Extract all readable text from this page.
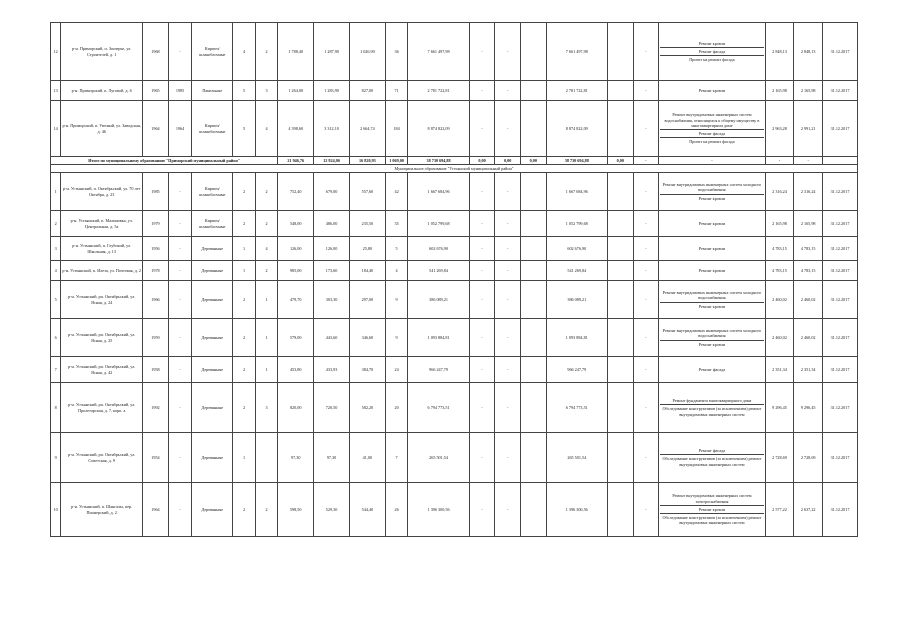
12	р-н. Приморский, п. Заозерье, ул. Строителей, д. 1	1968	-	Кирпич/ шлакоблочные	4	2	1 788,40	1 287,90	1 026,90	36	7 661 497,98	-	-		7 661 497,98		-	Ремонт кровли
Ремонт фасада
Проект на ремонт фасада	2 848,13	2 848,13	31.12.2017
13	р-н. Приморский, п. Луговой, д. 6	1965	1985	Панельные	5	3	1 264,00	1 283,90	827,00	71	2 781 722,81	-	-		2 781 722,81		-	Ремонт кровли	2 165,98	2 165,98	31.12.2017
14	р-н. Приморский, п. Уютный, ул. Заводская, д. 46	1964	1964	Кирпич/ шлакоблочные	5	4	4 398,60	3 312,10	2 664,74	184	8 874 822,09	-	-		8 874 822,09		-	Ремонт внутридомовых инженерных систем водоснабжения, относящихся к общему имуществу в многоквартирном доме
Ремонт фасада
Проект на ремонт фасада	2 963,28	2 991,21	31.12.2017
Итого по муниципальному образованию "Приморский муниципальный район"							21 946,76	12 924,06	16 820,93	1 069,00	38 730 694,88	0,00	0,00	0,00	38 730 694,88	0,00	-	-	-	-	
Муниципальное образование "Устьянский муниципальный район"																					
1	р-н. Устьянский, п. Октябрьский, ул. 70 лет Октября, д. 23	1985	-	Кирпич/ шлакоблочные	2	2	752,40	679,00	557,60	42	1 667 684,96	-	-		1 667 684,96		-	Ремонт внутридомовых инженерных систем холодного водоснабжения
Ремонт кровли	2 316,24	2 316,24	31.12.2017
2	р-н. Устьянский, п. Малиновка, ул. Центральная, д. 5а	1979	-	Кирпич/ шлакоблочные	2	2	548,00	486,00	235,50	35	1 052 799,68	-	-		1 052 799,68		-	Ремонт кровли	2 165,98	2 165,98	31.12.2017
3	р-н. Устьянский, п. Глубокий, ул. Школьная, д. 13	1956	-	Деревянные	1	4	126,00	126,00	25,80	5	602 676,90	-	-		602 676,90		-	Ремонт кровли	4 783,15	4 783,15	31.12.2017
4	р-н. Устьянский, п. Илеза, ул. Почтовая, д. 2	1978	-	Деревянные	1	2	985,00	173,60	184,40	4	541 269,84	-	-		541 269,84		-	Ремонт кровли	4 783,15	4 783,15	31.12.2017
5	р-н. Устьянский, рп. Октябрьский, ул. Ясная, д. 24	1966	-	Деревянные	2	1	479,70	303,30	297,00	9	386 089,21	-	-		386 089,21		-	Ремонт внутридомовых инженерных систем холодного водоснабжения
Ремонт кровли	2 460,02	2 460,02	31.12.2017
6	р-н. Устьянский, рп. Октябрьский, ул. Ясная, д. 25	1959	-	Деревянные	2	1	579,00	443,60	346,60	9	1 093 884,81	-	-		1 093 884,81		-	Ремонт внутридомовых инженерных систем холодного водоснабжения
Ремонт кровли	2 460,02	2 460,02	31.12.2017
7	р-н. Устьянский, рп. Октябрьский, ул. Ясная, д. 42	1958	-	Деревянные	2	1	453,80	433,93	384,70	24	966 247,79	-	-		966 247,79		-	Ремонт фасада	2 351,34	2 351,34	31.12.2017
8	р-н. Устьянский, рп. Октябрьский, ул. Пролетарская, д. 7, корп. а	1992	-	Деревянные	2	3	820,00	720,50	582,20	20	6 794 773,51	-	-		6 794 773,51		-	Ремонт фундамента многоквартирного дома
Обследование конструктивов (за исключением) ремонт внутридомовых инженерных систем	9 296,45	9 296,45	31.12.2017
9	р-н. Устьянский, рп. Октябрьский, ул. Советская, д. 9	1954	-	Деревянные	1		97,30	97,30	41,00	7	265 501,54	-	-		265 501,54		-	Ремонт фасада
Обследование конструктивов (за исключением) ремонт внутридомовых инженерных систем	2 728,69	2 728,69	31.12.2017
10	р-н. Устьянский, п. Шангалы, пер. Пионерский, д. 2	1964	-	Деревянные	2	2	598,50	529,30	544,40	26	1 396 300,56	-	-		1 396 300,56		-	Ремонт внутридомовых инженерных систем электроснабжения
Ремонт кровли
Обследование конструктивов (за исключением) ремонт внутридомовых инженерных систем	2 577,22	2 637,22	31.12.2017
